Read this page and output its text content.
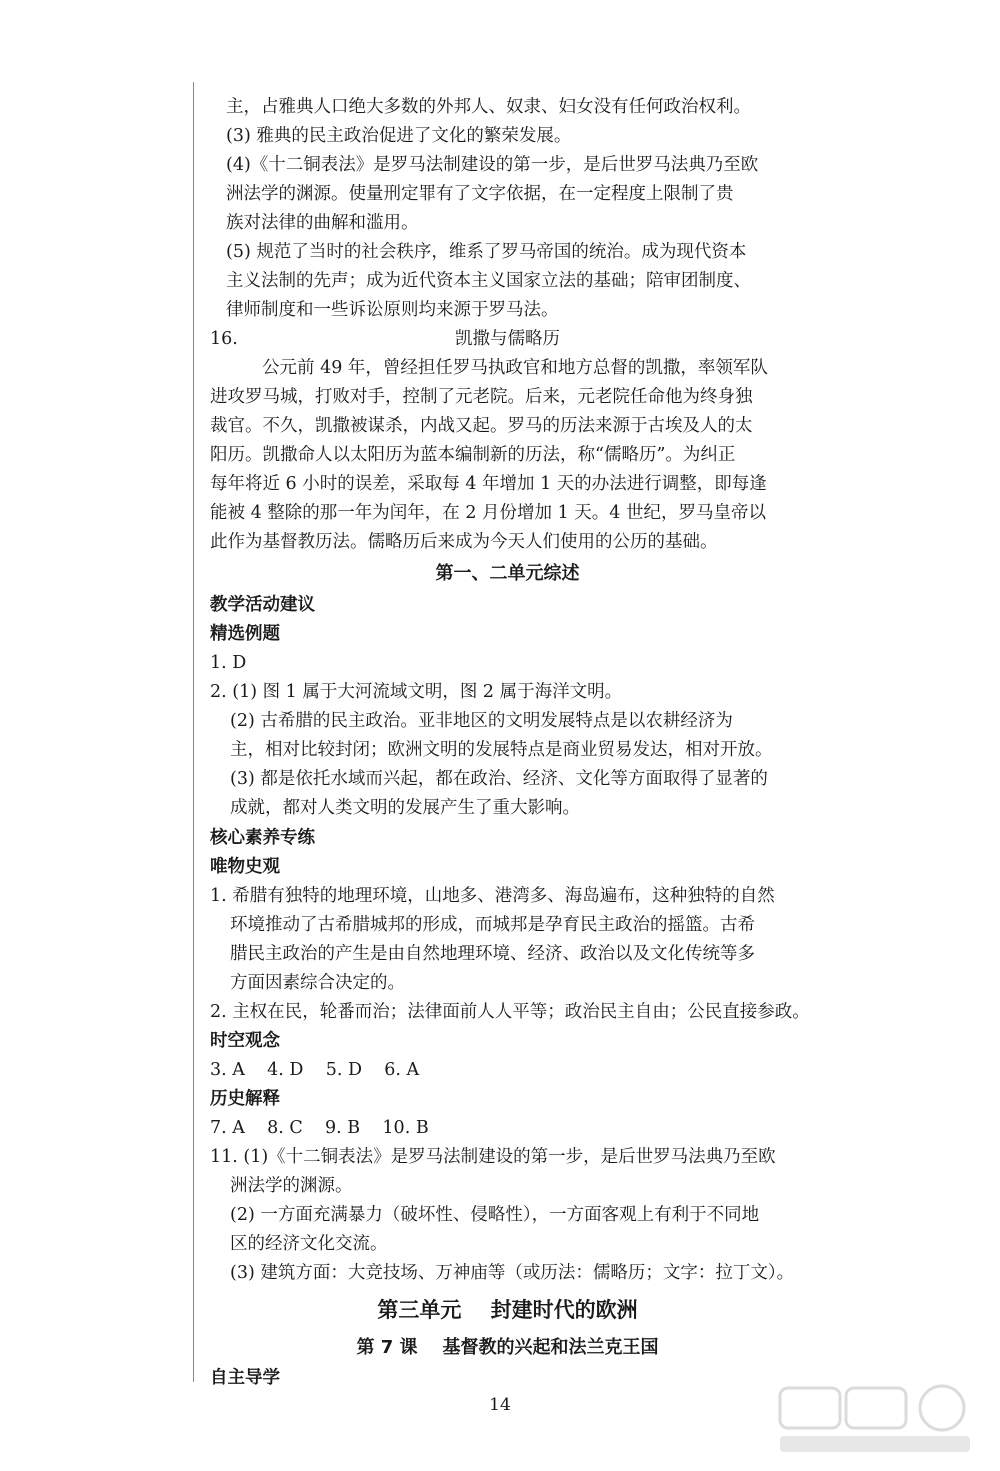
主，占雅典人口绝大多数的外邦人、奴隶、妇女没有任何政治权利。
(3) 雅典的民主政治促进了文化的繁荣发展。
(4)《十二铜表法》是罗马法制建设的第一步，是后世罗马法典乃至欧
洲法学的渊源。使量刑定罪有了文字依据，在一定程度上限制了贵
族对法律的曲解和滥用。
(5) 规范了当时的社会秩序，维系了罗马帝国的统治。成为现代资本
主义法制的先声；成为近代资本主义国家立法的基础；陪审团制度、
律师制度和一些诉讼原则均来源于罗马法。
16.	凯撒与儒略历
公元前 49 年，曾经担任罗马执政官和地方总督的凯撒，率领军队
进攻罗马城，打败对手，控制了元老院。后来，元老院任命他为终身独
裁官。不久，凯撒被谋杀，内战又起。罗马的历法来源于古埃及人的太
阳历。凯撒命人以太阳历为蓝本编制新的历法，称“儒略历”。为纠正
每年将近 6 小时的误差，采取每 4 年增加 1 天的办法进行调整，即每逢
能被 4 整除的那一年为闰年，在 2 月份增加 1 天。4 世纪，罗马皇帝以
此作为基督教历法。儒略历后来成为今天人们使用的公历的基础。
第一、二单元综述
教学活动建议
精选例题
1. D
2. (1) 图 1 属于大河流域文明，图 2 属于海洋文明。
(2) 古希腊的民主政治。亚非地区的文明发展特点是以农耕经济为
主，相对比较封闭；欧洲文明的发展特点是商业贸易发达，相对开放。
(3) 都是依托水域而兴起，都在政治、经济、文化等方面取得了显著的
成就，都对人类文明的发展产生了重大影响。
核心素养专练
唯物史观
1. 希腊有独特的地理环境，山地多、港湾多、海岛遍布，这种独特的自然
环境推动了古希腊城邦的形成，而城邦是孕育民主政治的摇篮。古希
腊民主政治的产生是由自然地理环境、经济、政治以及文化传统等多
方面因素综合决定的。
2. 主权在民，轮番而治；法律面前人人平等；政治民主自由；公民直接参政。
时空观念
3. A    4. D    5. D    6. A
历史解释
7. A    8. C    9. B    10. B
11. (1)《十二铜表法》是罗马法制建设的第一步，是后世罗马法典乃至欧
洲法学的渊源。
(2) 一方面充满暴力（破坏性、侵略性），一方面客观上有利于不同地
区的经济文化交流。
(3) 建筑方面：大竞技场、万神庙等（或历法：儒略历；文字：拉丁文）。
第三单元    封建时代的欧洲
第 7 课    基督教的兴起和法兰克王国
自主导学
14
